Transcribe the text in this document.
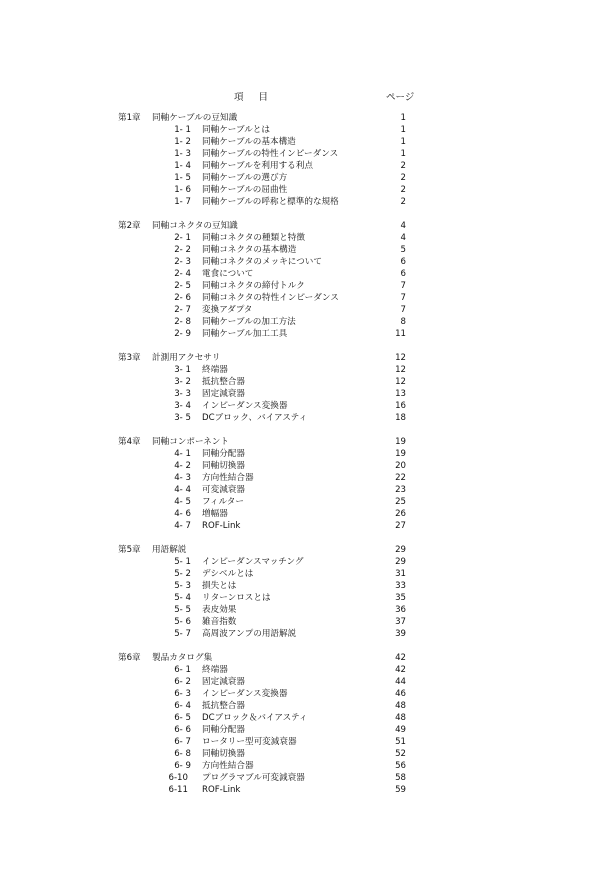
項 目	ページ
第1章 同軸ケーブルの豆知識	1
1- 1 同軸ケーブルとは	1
1- 2 同軸ケーブルの基本構造	1
1- 3 同軸ケーブルの特性インピーダンス	1
1- 4 同軸ケーブルを利用する利点	2
1- 5 同軸ケーブルの選び方	2
1- 6 同軸ケーブルの屈曲性	2
1- 7 同軸ケーブルの呼称と標準的な規格	2
第2章 同軸コネクタの豆知識	4
2- 1 同軸コネクタの種類と特徴	4
2- 2 同軸コネクタの基本構造	5
2- 3 同軸コネクタのメッキについて	6
2- 4 電食について	6
2- 5 同軸コネクタの締付トルク	7
2- 6 同軸コネクタの特性インピーダンス	7
2- 7 変換アダプタ	7
2- 8 同軸ケーブルの加工方法	8
2- 9 同軸ケーブル加工工具	11
第3章 計測用アクセサリ	12
3- 1 終端器	12
3- 2 抵抗整合器	12
3- 3 固定減衰器	13
3- 4 インピーダンス変換器	16
3- 5 DCブロック、バイアスティ	18
第4章 同軸コンポーネント	19
4- 1 同軸分配器	19
4- 2 同軸切換器	20
4- 3 方向性結合器	22
4- 4 可変減衰器	23
4- 5 フィルター	25
4- 6 増幅器	26
4- 7 ROF-Link	27
第5章 用語解説	29
5- 1 インピーダンスマッチング	29
5- 2 デシベルとは	31
5- 3 損失とは	33
5- 4 リターンロスとは	35
5- 5 表皮効果	36
5- 6 雑音指数	37
5- 7 高周波アンプの用語解説	39
第6章 製品カタログ集	42
6- 1 終端器	42
6- 2 固定減衰器	44
6- 3 インピーダンス変換器	46
6- 4 抵抗整合器	48
6- 5 DCブロック＆バイアスティ	48
6- 6 同軸分配器	49
6- 7 ロータリー型可変減衰器	51
6- 8 同軸切換器	52
6- 9 方向性結合器	56
6-10 プログラマブル可変減衰器	58
6-11 ROF-Link	59
